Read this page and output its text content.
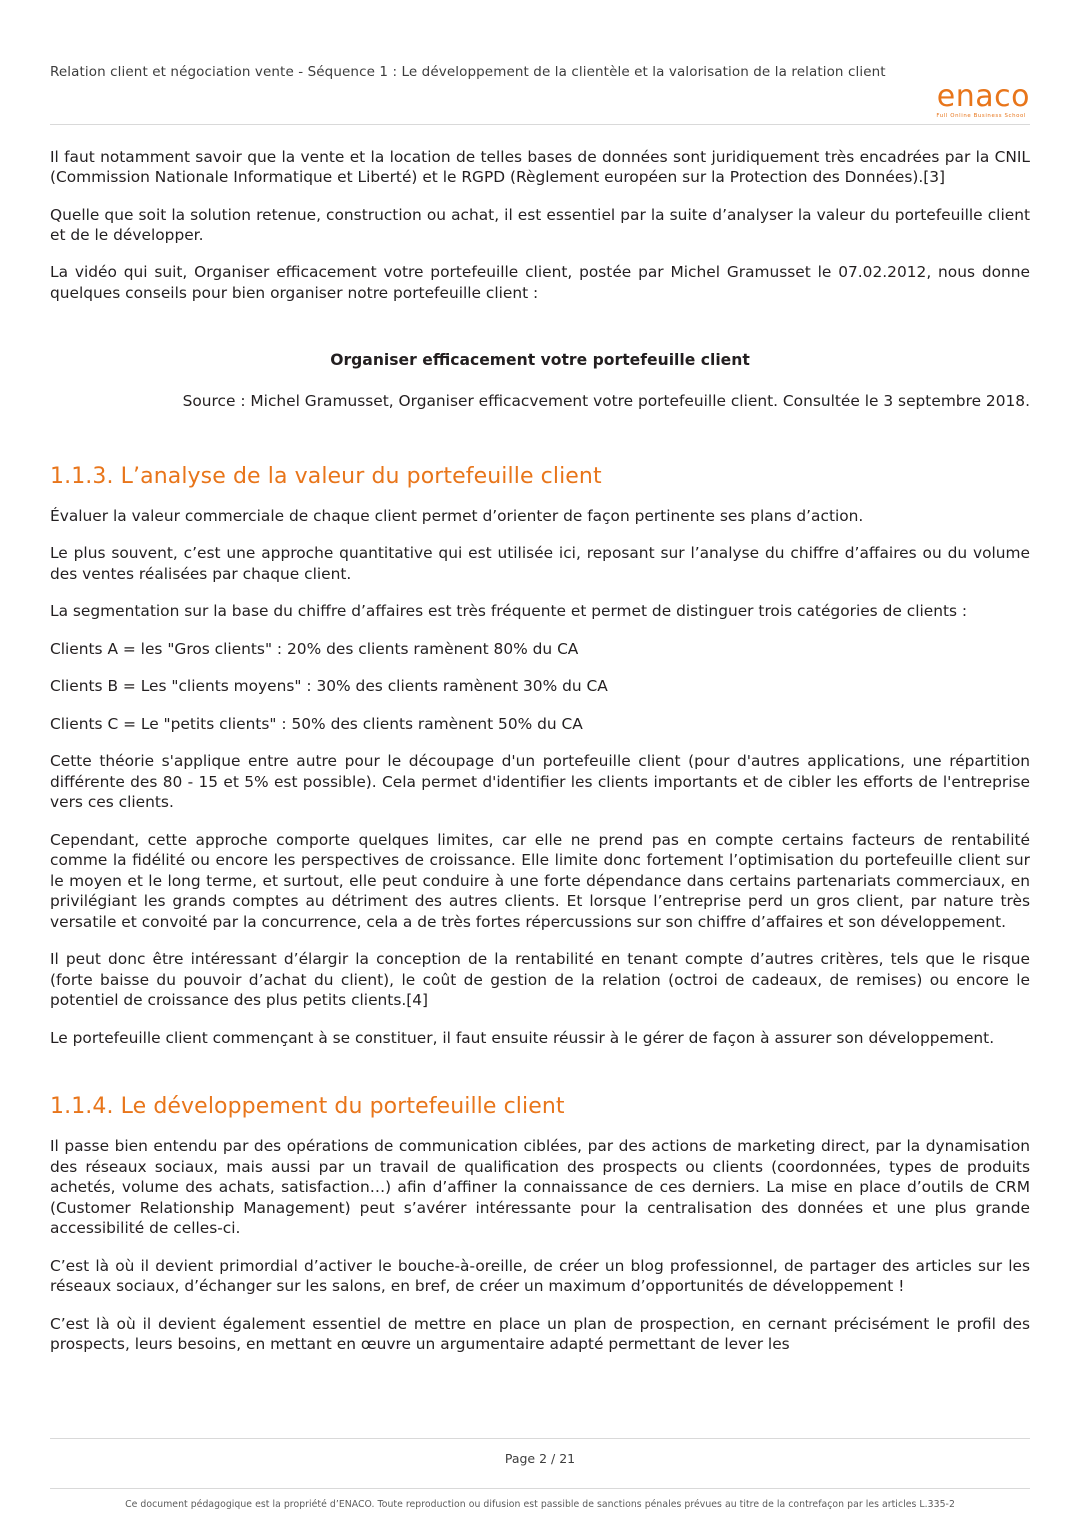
Relation client et négociation vente - Séquence 1 : Le développement de la clientèle et la valorisation de la relation client
enaco
Full Online Business School

Il faut notamment savoir que la vente et la location de telles bases de données sont juridiquement très encadrées par la CNIL (Commission Nationale Informatique et Liberté) et le RGPD (Règlement européen sur la Protection des Données).[3]

Quelle que soit la solution retenue, construction ou achat, il est essentiel par la suite d’analyser la valeur du portefeuille client et de le développer.

La vidéo qui suit, Organiser efficacement votre portefeuille client, postée par Michel Gramusset le 07.02.2012, nous donne quelques conseils pour bien organiser notre portefeuille client :

Organiser efficacement votre portefeuille client
Source : Michel Gramusset, Organiser efficacvement votre portefeuille client. Consultée le 3 septembre 2018.
1.1.3. L’analyse de la valeur du portefeuille client

Évaluer la valeur commerciale de chaque client permet d’orienter de façon pertinente ses plans d’action.

Le plus souvent, c’est une approche quantitative qui est utilisée ici, reposant sur l’analyse du chiffre d’affaires ou du volume des ventes réalisées par chaque client.

La segmentation sur la base du chiffre d’affaires est très fréquente et permet de distinguer trois catégories de clients :

Clients A = les "Gros clients" : 20% des clients ramènent 80% du CA

Clients B = Les "clients moyens" : 30% des clients ramènent 30% du CA

Clients C = Le "petits clients" : 50% des clients ramènent 50% du CA

Cette théorie s'applique entre autre pour le découpage d'un portefeuille client (pour d'autres applications, une répartition différente des 80 - 15 et 5% est possible). Cela permet d'identifier les clients importants et de cibler les efforts de l'entreprise vers ces clients.

Cependant, cette approche comporte quelques limites, car elle ne prend pas en compte certains facteurs de rentabilité comme la fidélité ou encore les perspectives de croissance. Elle limite donc fortement l’optimisation du portefeuille client sur le moyen et le long terme, et surtout, elle peut conduire à une forte dépendance dans certains partenariats commerciaux, en privilégiant les grands comptes au détriment des autres clients. Et lorsque l’entreprise perd un gros client, par nature très versatile et convoité par la concurrence, cela a de très fortes répercussions sur son chiffre d’affaires et son développement.

Il peut donc être intéressant d’élargir la conception de la rentabilité en tenant compte d’autres critères, tels que le risque (forte baisse du pouvoir d’achat du client), le coût de gestion de la relation (octroi de cadeaux, de remises) ou encore le potentiel de croissance des plus petits clients.[4]

Le portefeuille client commençant à se constituer, il faut ensuite réussir à le gérer de façon à assurer son développement.

1.1.4. Le développement du portefeuille client

Il passe bien entendu par des opérations de communication ciblées, par des actions de marketing direct, par la dynamisation des réseaux sociaux, mais aussi par un travail de qualification des prospects ou clients (coordonnées, types de produits achetés, volume des achats, satisfaction…) afin d’affiner la connaissance de ces derniers. La mise en place d’outils de CRM (Customer Relationship Management) peut s’avérer intéressante pour la centralisation des données et une plus grande accessibilité de celles-ci.

C’est là où il devient primordial d’activer le bouche-à-oreille, de créer un blog professionnel, de partager des articles sur les réseaux sociaux, d’échanger sur les salons, en bref, de créer un maximum d’opportunités de développement !

C’est là où il devient également essentiel de mettre en place un plan de prospection, en cernant précisément le profil des prospects, leurs besoins, en mettant en œuvre un argumentaire adapté permettant de lever les

Page 2 / 21
Ce document pédagogique est la propriété d’ENACO. Toute reproduction ou difusion est passible de sanctions pénales prévues au titre de la contrefaçon par les articles L.335-2
